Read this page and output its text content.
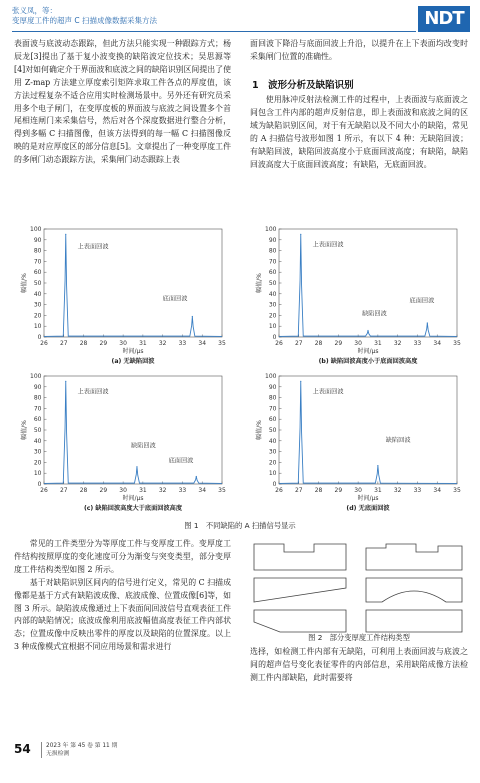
张义凤，等：
变厚度工件的超声 C 扫描成像数据采集方法	NDT

表面波与底波动态跟踪，但此方法只能实现一种跟踪方式；杨辰龙[3]提出了基于复小波变换的缺陷波定位技术；吴思源等[4]对如何确定介于界面波和底波之间的缺陷识别区间提出了使用 Z-map 方法建立厚度索引矩阵求取工件各点的厚度值，该方法过程复杂不适合应用实时检测场景中。另外还有研究员采用多个电子闸门，在变厚度板的界面波与底波之间设置多个首尾相连闸门来采集信号，然后对各个深度数据进行整合分析，得到多幅 C 扫描图像，但该方法得到的每一幅 C 扫描图像反映的是对应厚度区的部分信息[5]。文章提出了一种变厚度工件的多闸门动态跟踪方法，采集闸门动态跟踪上表

面回波下降沿与底面回波上升沿，以提升在上下表面均改变时采集闸门位置的准确性。

1　波形分析及缺陷识别

使用脉冲反射法检测工件的过程中，上表面波与底面波之间包含工件内部的超声反射信息，即上表面波和底波之间的区域为缺陷识别区间，对于有无缺陷以及不同大小的缺陷，常见的 A 扫描信号波形如图 1 所示，有以下 4 种：无缺陷回波；有缺陷回波，缺陷回波高度小于底面回波高度；有缺陷，缺陷回波高度大于底面回波高度；有缺陷，无底面回波。

0
10
20
30
40
50
60
70
80
90
100
26 27 28 29 30 31 32 33 34 35
幅值/%
时间/μs
(a) 无缺陷回波
上表面回波
底面回波
0
10
20
30
40
50
60
70
80
90
100
26 27 28 29 30 31 32 33 34 35
幅值/%
时间/μs
(b) 缺陷回波高度小于底面回波高度
上表面回波
缺陷回波
底面回波
0
10
20
30
40
50
60
70
80
90
100
26 27 28 29 30 31 32 33 34 35
幅值/%
时间/μs
(c) 缺陷回波高度大于底面回波高度
上表面回波
缺陷回波
底面回波
0
10
20
30
40
50
60
70
80
90
100
26 27 28 29 30 31 32 33 34 35
幅值/%
时间/μs
(d) 无底面回波
上表面回波
缺陷回波
图 1　不同缺陷的 A 扫描信号显示

常见的工件类型分为等厚度工件与变厚度工件。变厚度工件结构按照厚度的变化速度可分为渐变与突变类型，部分变厚度工件结构类型如图 2 所示。

基于对缺陷识别区间内的信号进行定义，常见的 C 扫描成像都是基于方式有缺陷波成像、底波成像、位置成像[6]等，如图 3 所示。缺陷波成像通过上下表面间回波信号直观表征工件内部的缺陷情况；底波成像利用底波幅值高度表征工件内部状态；位置成像中反映出零件的厚度以及缺陷的位置深度。以上 3 种成像模式宜根据不同应用场景和需求进行

图 2　部分变厚度工件结构类型

选择，如检测工件内部有无缺陷，可利用上表面回波与底波之间的超声信号变化表征零件的内部信息，采用缺陷成像方法检测工件内部缺陷，此时需要将

54	2023 年 第 45 卷 第 11 期
无损检测
